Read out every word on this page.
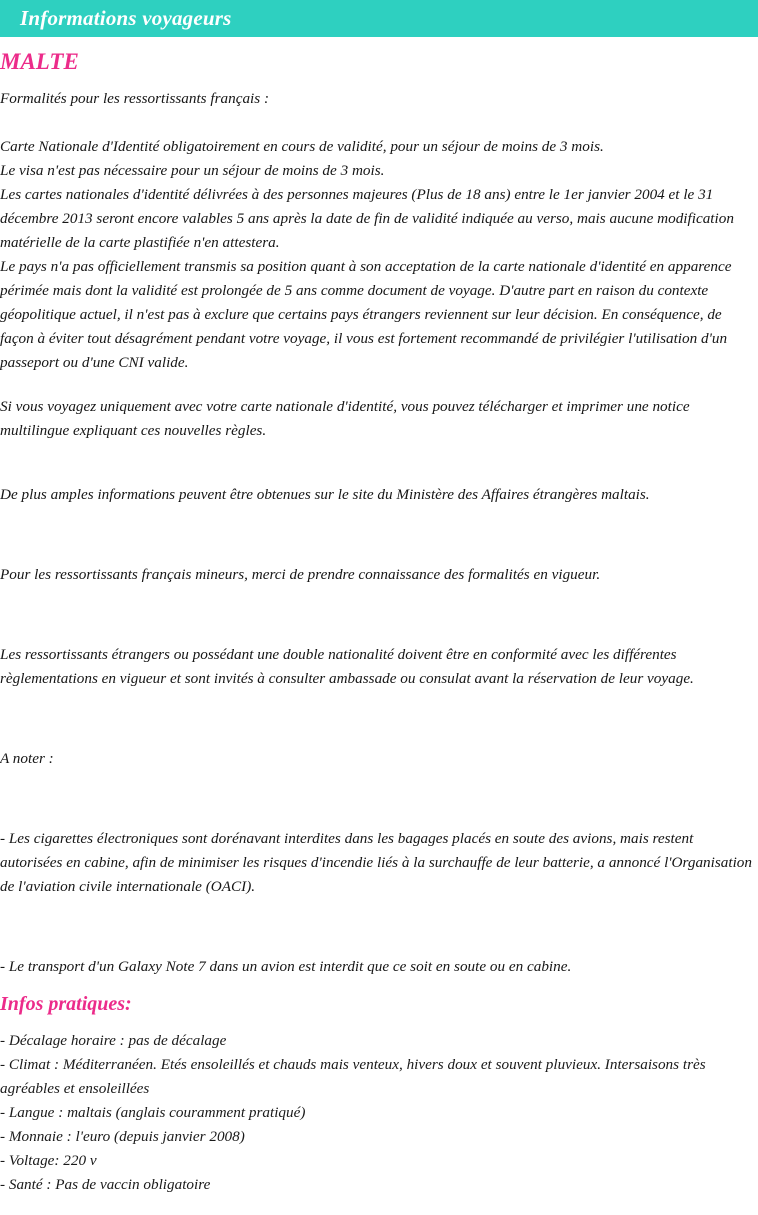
Informations voyageurs
MALTE

Formalités pour les ressortissants français :

Carte Nationale d'Identité obligatoirement en cours de validité, pour un séjour de moins de 3 mois.

Le visa n'est pas nécessaire pour un séjour de moins de 3 mois.

Les cartes nationales d'identité délivrées à des personnes majeures (Plus de 18 ans) entre le 1er janvier 2004 et le 31 décembre 2013 seront encore valables 5 ans après la date de fin de validité indiquée au verso, mais aucune modification matérielle de la carte plastifiée n'en attestera.

Le pays n'a pas officiellement transmis sa position quant à son acceptation de la carte nationale d'identité en apparence périmée mais dont la validité est prolongée de 5 ans comme document de voyage. D'autre part en raison du contexte géopolitique actuel, il n'est pas à exclure que certains pays étrangers reviennent sur leur décision. En conséquence, de façon à éviter tout désagrément pendant votre voyage, il vous est fortement recommandé de privilégier l'utilisation d'un passeport ou d'une CNI valide.

Si vous voyagez uniquement avec votre carte nationale d'identité, vous pouvez télécharger et imprimer une notice multilingue expliquant ces nouvelles règles.

De plus amples informations peuvent être obtenues sur le site du Ministère des Affaires étrangères maltais.

Pour les ressortissants français mineurs, merci de prendre connaissance des formalités en vigueur.

Les ressortissants étrangers ou possédant une double nationalité doivent être en conformité avec les différentes règlementations en vigueur et sont invités à consulter ambassade ou consulat avant la réservation de leur voyage.

A noter :

- Les cigarettes électroniques sont dorénavant interdites dans les bagages placés en soute des avions, mais restent autorisées en cabine, afin de minimiser les risques d'incendie liés à la surchauffe de leur batterie, a annoncé l'Organisation de l'aviation civile internationale (OACI).

- Le transport d'un Galaxy Note 7 dans un avion est interdit que ce soit en soute ou en cabine.

Infos pratiques:

- Décalage horaire : pas de décalage

- Climat : Méditerranéen. Etés ensoleillés et chauds mais venteux, hivers doux et souvent pluvieux. Intersaisons très agréables et ensoleillées

- Langue : maltais (anglais couramment pratiqué)

- Monnaie : l'euro (depuis janvier 2008)

- Voltage: 220 v

- Santé : Pas de vaccin obligatoire
